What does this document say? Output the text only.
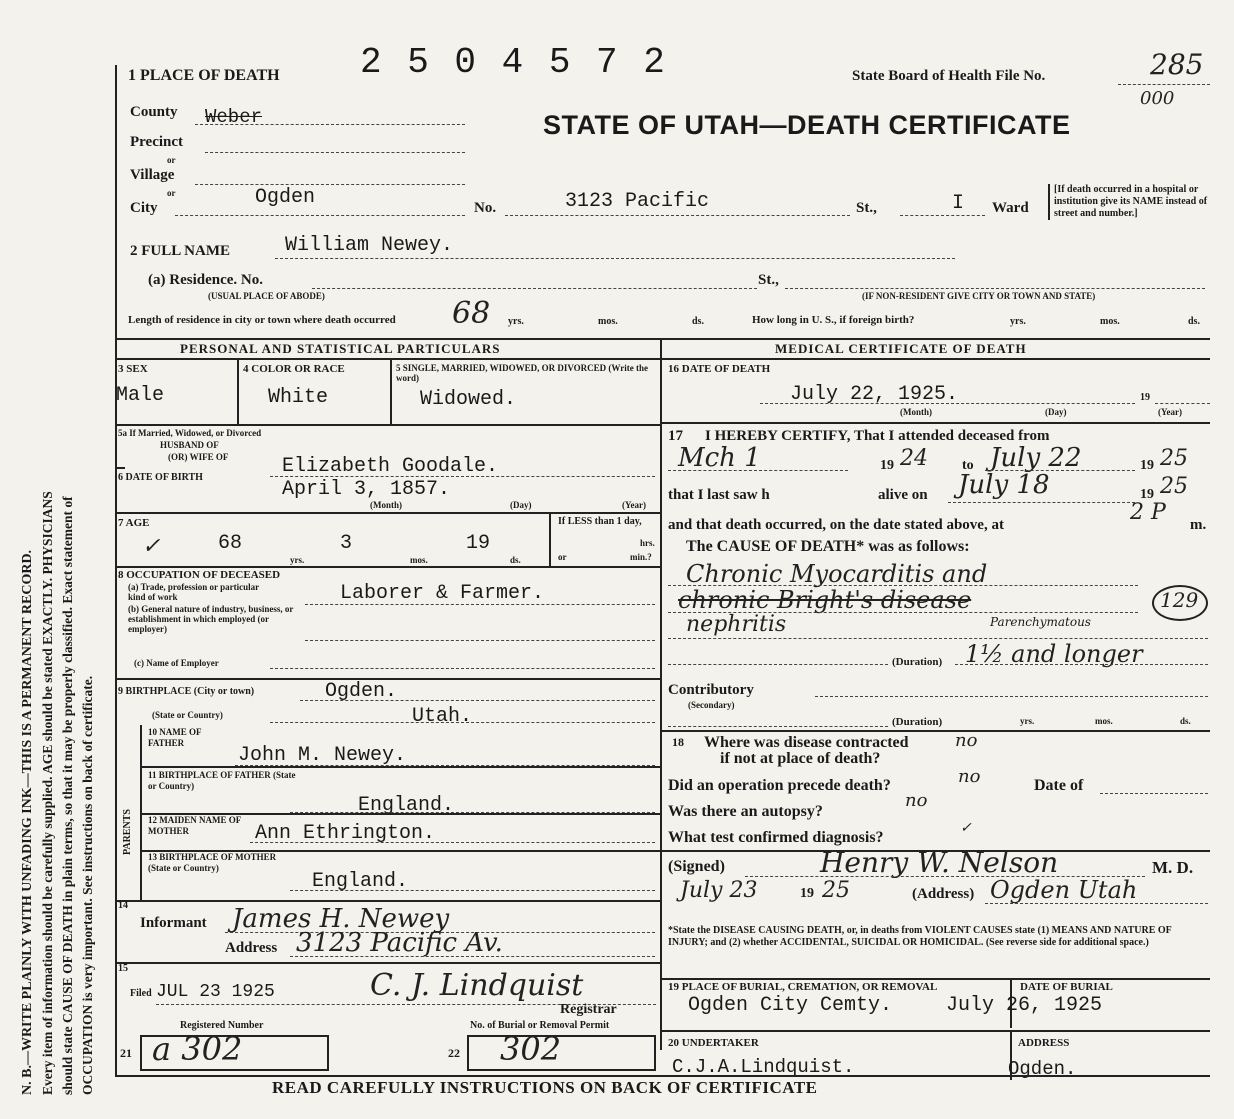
N. B.—WRITE PLAINLY WITH UNFADING INK—THIS IS A PERMANENT RECORD. Every item of information should be carefully supplied. AGE should be stated EXACTLY. PHYSICIANS should state CAUSE OF DEATH in plain terms, so that it may be properly classified. Exact statement of OCCUPATION is very important. See instructions on back of certificate.
1 PLACE OF DEATH 2 5 0 4 5 7 2	State Board of Health File No.	285
000
STATE OF UTAH—DEATH CERTIFICATE
County Weber
Precinct
or
Village
or
City	Ogden	No.	3123 Pacific	St.,	I Ward
[If death occurred in a hospital or institution give its NAME instead of street and number.]
2 FULL NAME	William Newey.
(a) Residence. No.	St.,
(USUAL PLACE OF ABODE)	(IF NON-RESIDENT GIVE CITY OR TOWN AND STATE)
Length of residence in city or town where death occurred 68 yrs.	mos.	ds.	How long in U. S., if foreign birth?	yrs.	mos.	ds.
PERSONAL AND STATISTICAL PARTICULARS	MEDICAL CERTIFICATE OF DEATH
3 SEX
Male
4 COLOR OR RACE
White
5 SINGLE, MARRIED, WIDOWED, OR DIVORCED (Write the word)
Widowed.
5a If Married, Widowed, or Divorced
HUSBAND OF
(OR) WIFE OF	Elizabeth Goodale.
6 DATE OF BIRTH
April 3, 1857.
(Month)	(Day)	(Year)
7 AGE
✓	68
yrs.
3
mos.
19
ds.
If LESS than 1 day,
hrs.
or	min.?
8 OCCUPATION OF DECEASED
(a) Trade, profession or particular kind of work
(b) General nature of industry, business, or establishment in which employed (or employer)
Laborer & Farmer.
(c) Name of Employer
9 BIRTHPLACE (City or town)	Ogden.
(State or Country)	Utah.
PARENTS
10 NAME OF FATHER
John M. Newey.
11 BIRTHPLACE OF FATHER (State or Country)
England.
12 MAIDEN NAME OF MOTHER	Ann Ethrington.
13 BIRTHPLACE OF MOTHER (State or Country)
England.
14
Informant James H. Newey
Address 3123 Pacific Av.
15
Filed JUL 23 1925	C. J. Lindquist
Registrar
Registered Number	No. of Burial or Removal Permit
21 a 302	22 302
16 DATE OF DEATH
July 22, 1925.	19
(Month)	(Day)	(Year)
17 I HEREBY CERTIFY, That I attended deceased from
Mch 1	19 24 to July 22	19 25
that I last saw h	alive on July 18	19 25
and that death occurred, on the date stated above, at	2 P m.
The CAUSE OF DEATH* was as follows:
Chronic Myocarditis and
chronic Bright's disease	129
nephritis	Parenchymatous
(Duration) 1½ and longer
Contributory
(Secondary)
(Duration)	yrs.	mos.	ds.
18 Where was disease contracted	no
if not at place of death?
Did an operation precede death?	no	Date of
Was there an autopsy?
no
What test confirmed diagnosis?
✓
(Signed)	Henry W. Nelson	M. D.
July 23	19 25	(Address) Ogden Utah
*State the DISEASE CAUSING DEATH, or, in deaths from VIOLENT CAUSES state (1) MEANS AND NATURE OF INJURY; and (2) whether ACCIDENTAL, SUICIDAL OR HOMICIDAL. (See reverse side for additional space.)
19 PLACE OF BURIAL, CREMATION, OR REMOVAL	DATE OF BURIAL
Ogden City Cemty.	July 26, 1925
20 UNDERTAKER	ADDRESS
C.J.A.Lindquist.	Ogden.
READ CAREFULLY INSTRUCTIONS ON BACK OF CERTIFICATE
